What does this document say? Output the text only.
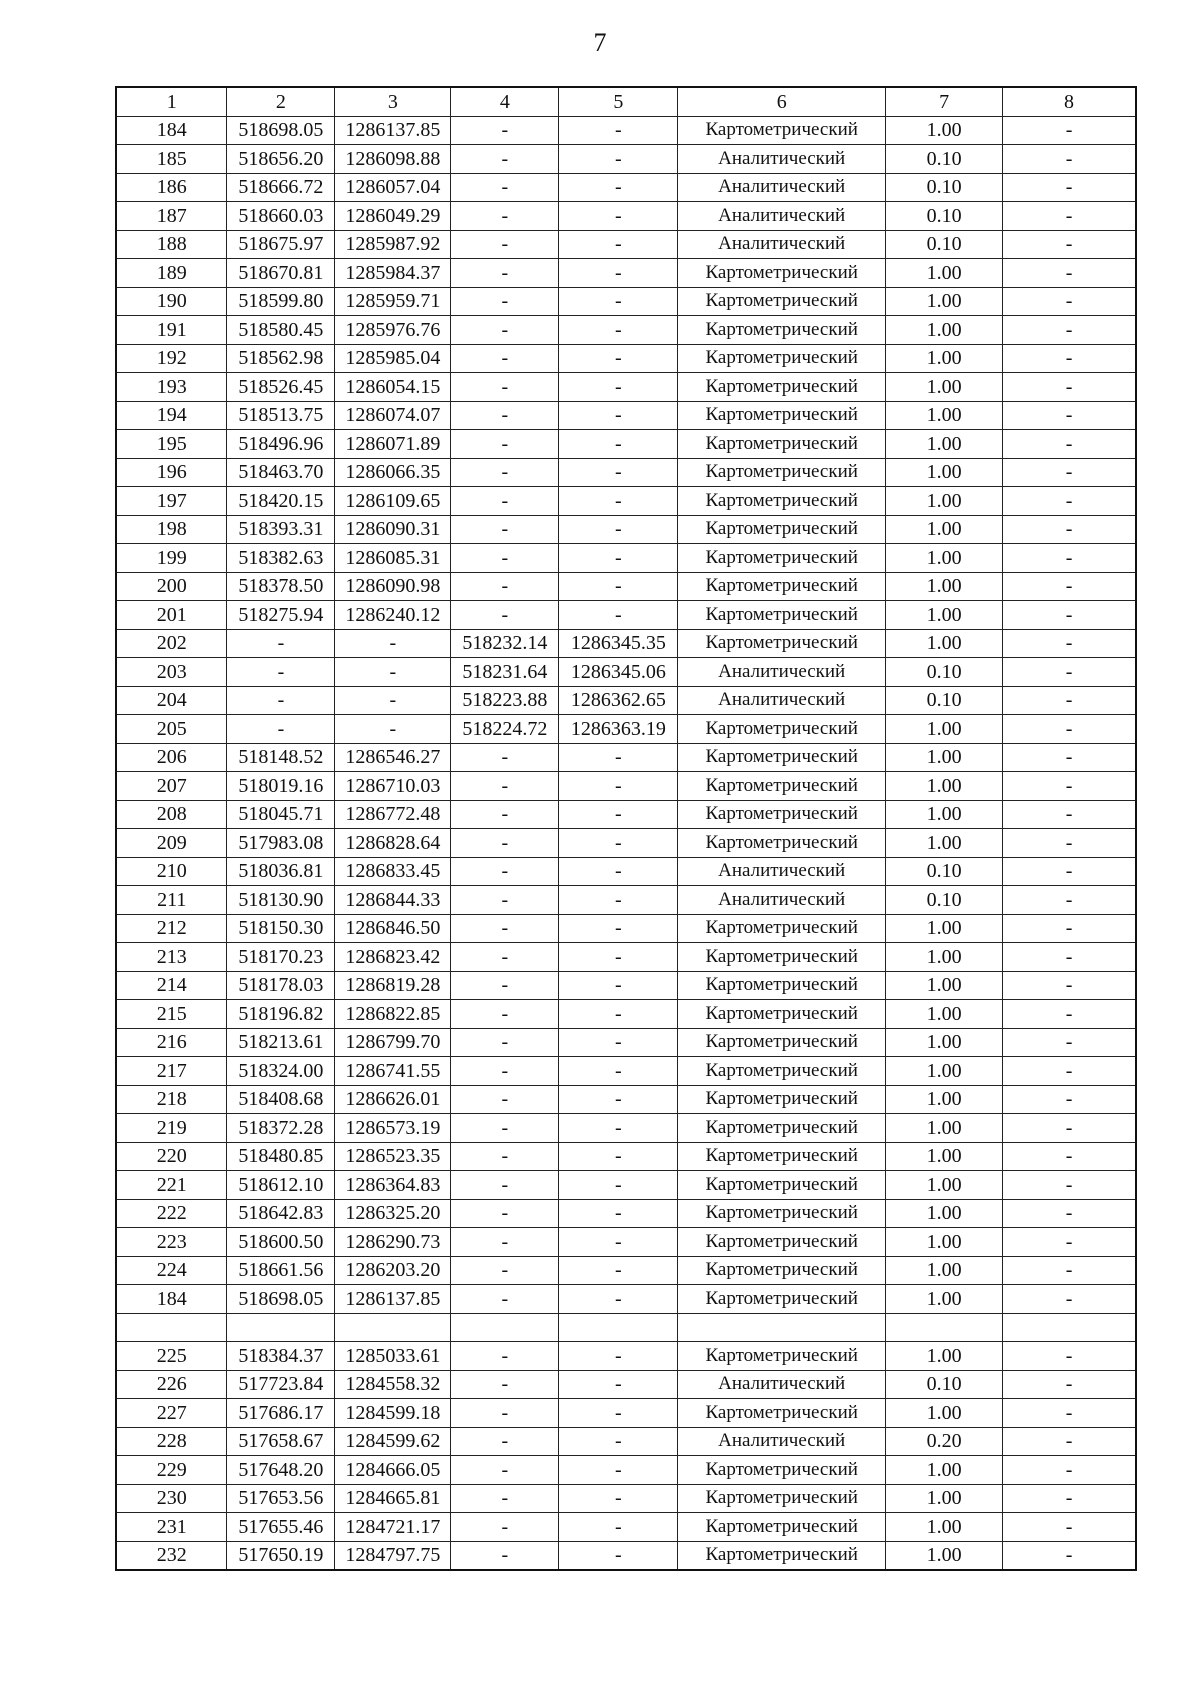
7
1	2	3	4	5	6	7	8
184	518698.05	1286137.85	-	-	Картометрический	1.00	-
185	518656.20	1286098.88	-	-	Аналитический	0.10	-
186	518666.72	1286057.04	-	-	Аналитический	0.10	-
187	518660.03	1286049.29	-	-	Аналитический	0.10	-
188	518675.97	1285987.92	-	-	Аналитический	0.10	-
189	518670.81	1285984.37	-	-	Картометрический	1.00	-
190	518599.80	1285959.71	-	-	Картометрический	1.00	-
191	518580.45	1285976.76	-	-	Картометрический	1.00	-
192	518562.98	1285985.04	-	-	Картометрический	1.00	-
193	518526.45	1286054.15	-	-	Картометрический	1.00	-
194	518513.75	1286074.07	-	-	Картометрический	1.00	-
195	518496.96	1286071.89	-	-	Картометрический	1.00	-
196	518463.70	1286066.35	-	-	Картометрический	1.00	-
197	518420.15	1286109.65	-	-	Картометрический	1.00	-
198	518393.31	1286090.31	-	-	Картометрический	1.00	-
199	518382.63	1286085.31	-	-	Картометрический	1.00	-
200	518378.50	1286090.98	-	-	Картометрический	1.00	-
201	518275.94	1286240.12	-	-	Картометрический	1.00	-
202	-	-	518232.14	1286345.35	Картометрический	1.00	-
203	-	-	518231.64	1286345.06	Аналитический	0.10	-
204	-	-	518223.88	1286362.65	Аналитический	0.10	-
205	-	-	518224.72	1286363.19	Картометрический	1.00	-
206	518148.52	1286546.27	-	-	Картометрический	1.00	-
207	518019.16	1286710.03	-	-	Картометрический	1.00	-
208	518045.71	1286772.48	-	-	Картометрический	1.00	-
209	517983.08	1286828.64	-	-	Картометрический	1.00	-
210	518036.81	1286833.45	-	-	Аналитический	0.10	-
211	518130.90	1286844.33	-	-	Аналитический	0.10	-
212	518150.30	1286846.50	-	-	Картометрический	1.00	-
213	518170.23	1286823.42	-	-	Картометрический	1.00	-
214	518178.03	1286819.28	-	-	Картометрический	1.00	-
215	518196.82	1286822.85	-	-	Картометрический	1.00	-
216	518213.61	1286799.70	-	-	Картометрический	1.00	-
217	518324.00	1286741.55	-	-	Картометрический	1.00	-
218	518408.68	1286626.01	-	-	Картометрический	1.00	-
219	518372.28	1286573.19	-	-	Картометрический	1.00	-
220	518480.85	1286523.35	-	-	Картометрический	1.00	-
221	518612.10	1286364.83	-	-	Картометрический	1.00	-
222	518642.83	1286325.20	-	-	Картометрический	1.00	-
223	518600.50	1286290.73	-	-	Картометрический	1.00	-
224	518661.56	1286203.20	-	-	Картометрический	1.00	-
184	518698.05	1286137.85	-	-	Картометрический	1.00	-

225	518384.37	1285033.61	-	-	Картометрический	1.00	-
226	517723.84	1284558.32	-	-	Аналитический	0.10	-
227	517686.17	1284599.18	-	-	Картометрический	1.00	-
228	517658.67	1284599.62	-	-	Аналитический	0.20	-
229	517648.20	1284666.05	-	-	Картометрический	1.00	-
230	517653.56	1284665.81	-	-	Картометрический	1.00	-
231	517655.46	1284721.17	-	-	Картометрический	1.00	-
232	517650.19	1284797.75	-	-	Картометрический	1.00	-
